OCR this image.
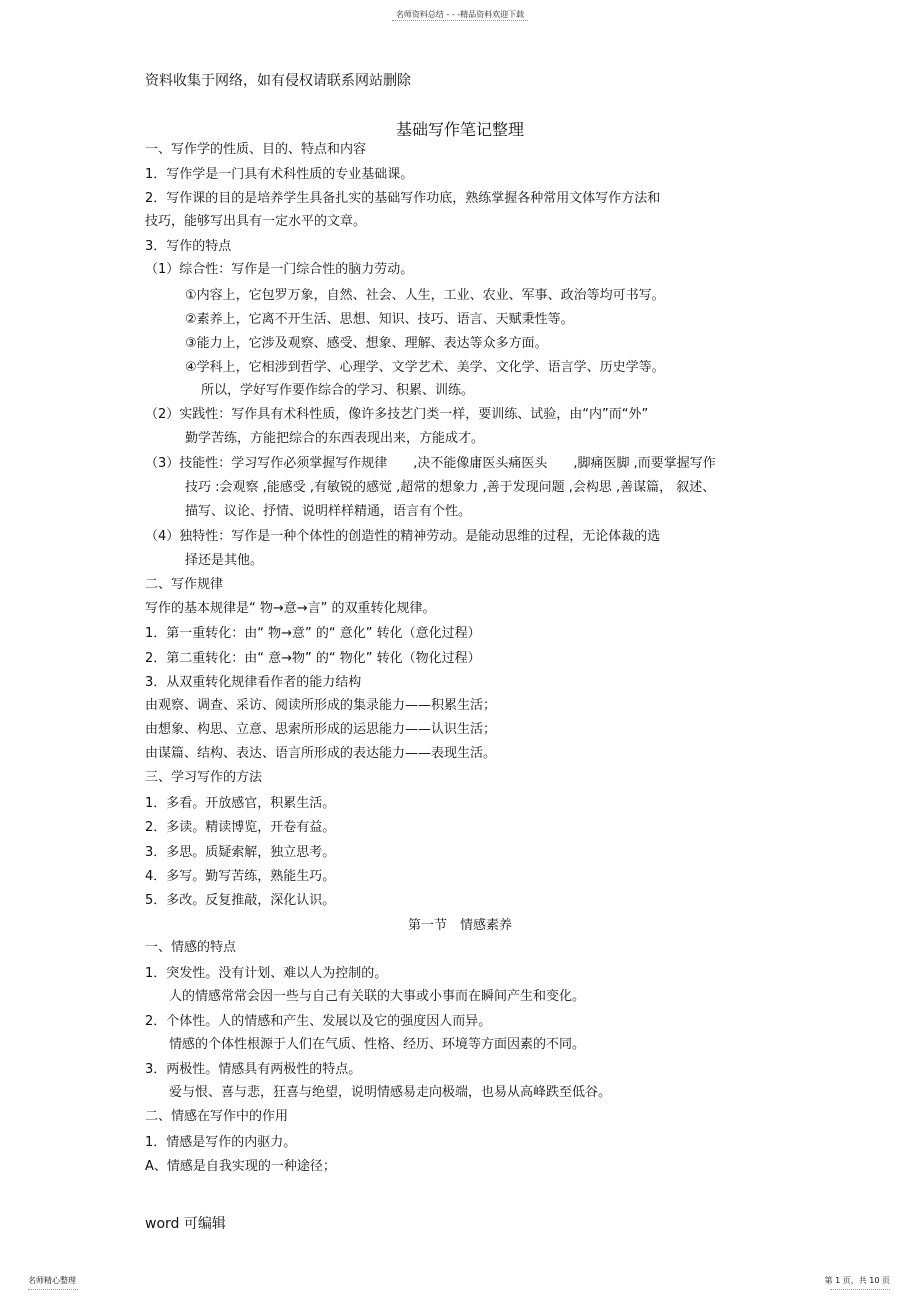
名师资料总结 - - -精品资料欢迎下载
资料收集于网络，如有侵权请联系网站删除
基础写作笔记整理
一、写作学的性质、目的、特点和内容
1．写作学是一门具有术科性质的专业基础课。
2．写作课的目的是培养学生具备扎实的基础写作功底，熟练掌握各种常用文体写作方法和
技巧，能够写出具有一定水平的文章。
3．写作的特点
（1）综合性：写作是一门综合性的脑力劳动。
①内容上，它包罗万象，自然、社会、人生，工业、农业、军事、政治等均可书写。
②素养上，它离不开生活、思想、知识、技巧、语言、天赋秉性等。
③能力上，它涉及观察、感受、想象、理解、表达等众多方面。
④学科上，它相涉到哲学、心理学、文学艺术、美学、文化学、语言学、历史学等。
所以，学好写作要作综合的学习、积累、训练。
（2）实践性：写作具有术科性质，像许多技艺门类一样，要训练、试验，由“内”而“外”
勤学苦练，方能把综合的东西表现出来，方能成才。
（3）技能性：学习写作必须掌握写作规律　　,决不能像庸医头痛医头　　,脚痛医脚 ,而要掌握写作
技巧 :会观察 ,能感受 ,有敏锐的感觉 ,超常的想象力 ,善于发现问题 ,会构思 ,善谋篇， 叙述、
描写、议论、抒情、说明样样精通，语言有个性。
（4）独特性：写作是一种个体性的创造性的精神劳动。是能动思维的过程，无论体裁的选
择还是其他。
二、写作规律
写作的基本规律是“ 物→意→言” 的双重转化规律。
1．第一重转化：由“ 物→意” 的“ 意化” 转化（意化过程）
2．第二重转化：由“ 意→物” 的“ 物化” 转化（物化过程）
3．从双重转化规律看作者的能力结构
由观察、调查、采访、阅读所形成的集录能力——积累生活；
由想象、构思、立意、思索所形成的运思能力——认识生活；
由谋篇、结构、表达、语言所形成的表达能力——表现生活。
三、学习写作的方法
1．多看。开放感官，积累生活。
2．多读。精读博览，开卷有益。
3．多思。质疑索解，独立思考。
4．多写。勤写苦练，熟能生巧。
5．多改。反复推敲，深化认识。
第一节　情感素养
一、情感的特点
1．突发性。没有计划、难以人为控制的。
人的情感常常会因一些与自己有关联的大事或小事而在瞬间产生和变化。
2．个体性。人的情感和产生、发展以及它的强度因人而异。
情感的个体性根源于人们在气质、性格、经历、环境等方面因素的不同。
3．两极性。情感具有两极性的特点。
爱与恨、喜与悲，狂喜与绝望，说明情感易走向极端，也易从高峰跌至低谷。
二、情感在写作中的作用
1．情感是写作的内驱力。
A、情感是自我实现的一种途径；
word 可编辑
名师精心整理	第 1 页，共 10 页
